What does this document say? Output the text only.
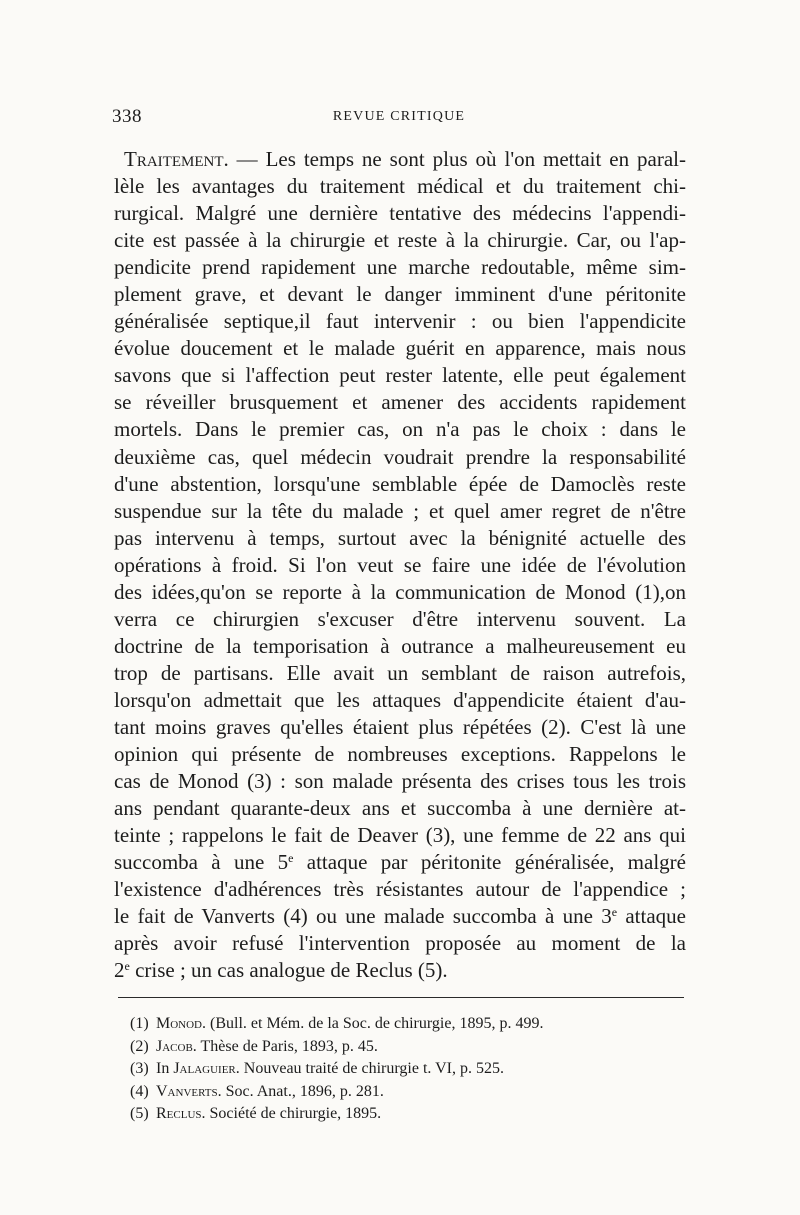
338	REVUE CRITIQUE
Traitement. — Les temps ne sont plus où l'on mettait en paral-
lèle les avantages du traitement médical et du traitement chi-
rurgical. Malgré une dernière tentative des médecins l'appendi-
cite est passée à la chirurgie et reste à la chirurgie. Car, ou l'ap-
pendicite prend rapidement une marche redoutable, même sim-
plement grave, et devant le danger imminent d'une péritonite
généralisée septique,il faut intervenir : ou bien l'appendicite
évolue doucement et le malade guérit en apparence, mais nous
savons que si l'affection peut rester latente, elle peut également
se réveiller brusquement et amener des accidents rapidement
mortels. Dans le premier cas, on n'a pas le choix : dans le
deuxième cas, quel médecin voudrait prendre la responsabilité
d'une abstention, lorsqu'une semblable épée de Damoclès reste
suspendue sur la tête du malade ; et quel amer regret de n'être
pas intervenu à temps, surtout avec la bénignité actuelle des
opérations à froid. Si l'on veut se faire une idée de l'évolution
des idées,qu'on se reporte à la communication de Monod (1),on
verra ce chirurgien s'excuser d'être intervenu souvent. La
doctrine de la temporisation à outrance a malheureusement eu
trop de partisans. Elle avait un semblant de raison autrefois,
lorsqu'on admettait que les attaques d'appendicite étaient d'au-
tant moins graves qu'elles étaient plus répétées (2). C'est là une
opinion qui présente de nombreuses exceptions. Rappelons le
cas de Monod (3) : son malade présenta des crises tous les trois
ans pendant quarante-deux ans et succomba à une dernière at-
teinte ; rappelons le fait de Deaver (3), une femme de 22 ans qui
succomba à une 5e attaque par péritonite généralisée, malgré
l'existence d'adhérences très résistantes autour de l'appendice ;
le fait de Vanverts (4) ou une malade succomba à une 3e attaque
après avoir refusé l'intervention proposée au moment de la
2e crise ; un cas analogue de Reclus (5).
(1) Monod. (Bull. et Mém. de la Soc. de chirurgie, 1895, p. 499.
(2) Jacob. Thèse de Paris, 1893, p. 45.
(3) In Jalaguier. Nouveau traité de chirurgie t. VI, p. 525.
(4) Vanverts. Soc. Anat., 1896, p. 281.
(5) Reclus. Société de chirurgie, 1895.
